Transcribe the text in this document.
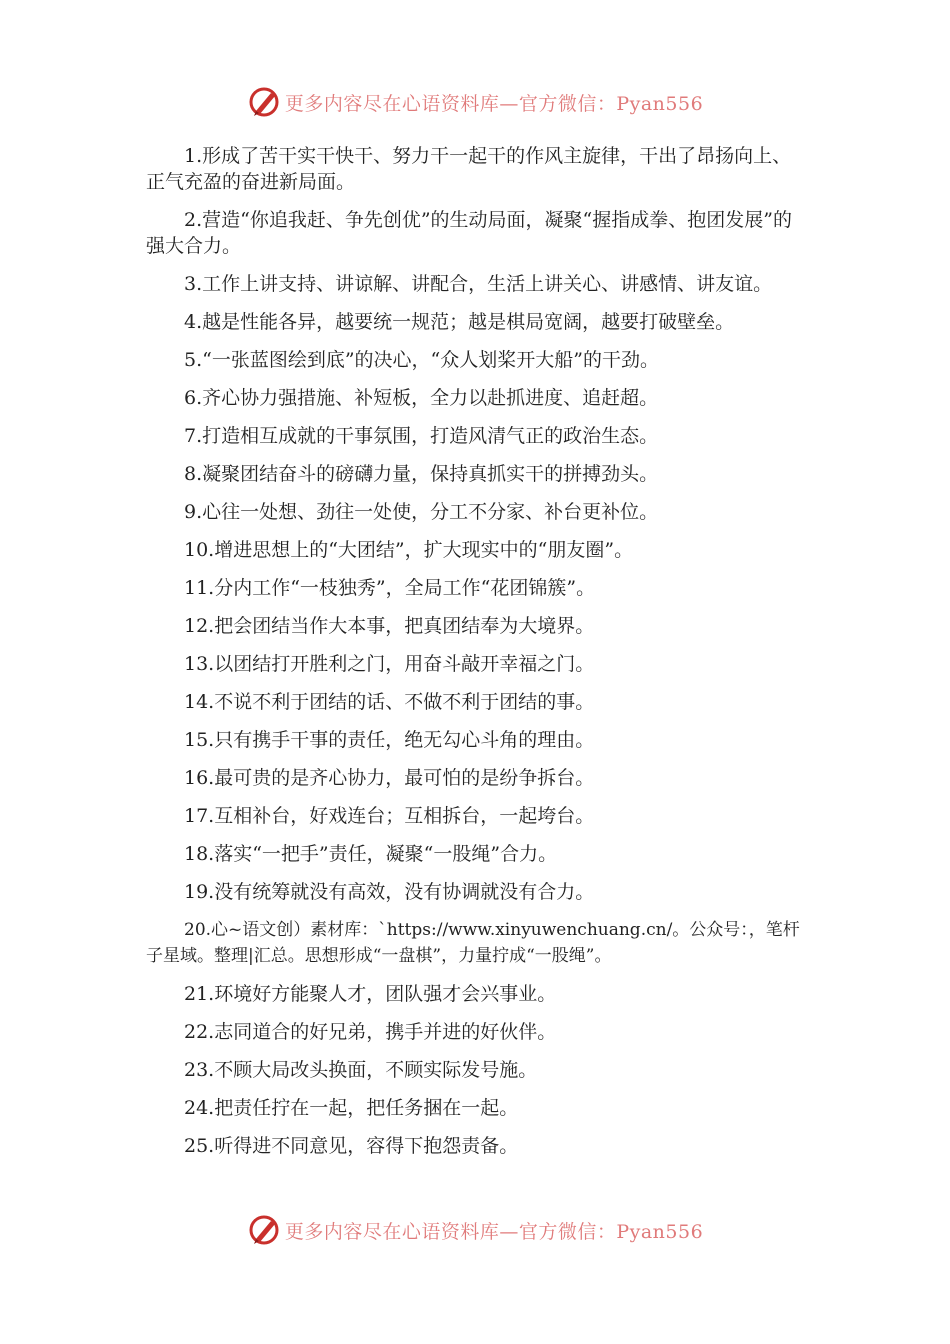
更多内容尽在心语资料库—官方微信：Pyan556

1.形成了苦干实干快干、努力干一起干的作风主旋律，干出了昂扬向上、正气充盈的奋进新局面。

2.营造“你追我赶、争先创优”的生动局面，凝聚“握指成拳、抱团发展”的强大合力。

3.工作上讲支持、讲谅解、讲配合，生活上讲关心、讲感情、讲友谊。

4.越是性能各异，越要统一规范；越是棋局宽阔，越要打破壁垒。

5.“一张蓝图绘到底”的决心，“众人划桨开大船”的干劲。

6.齐心协力强措施、补短板，全力以赴抓进度、追赶超。

7.打造相互成就的干事氛围，打造风清气正的政治生态。

8.凝聚团结奋斗的磅礴力量，保持真抓实干的拼搏劲头。

9.心往一处想、劲往一处使，分工不分家、补台更补位。

10.增进思想上的“大团结”，扩大现实中的“朋友圈”。

11.分内工作“一枝独秀”，全局工作“花团锦簇”。

12.把会团结当作大本事，把真团结奉为大境界。

13.以团结打开胜利之门，用奋斗敲开幸福之门。

14.不说不利于团结的话、不做不利于团结的事。

15.只有携手干事的责任，绝无勾心斗角的理由。

16.最可贵的是齐心协力，最可怕的是纷争拆台。

17.互相补台，好戏连台；互相拆台，一起垮台。

18.落实“一把手”责任，凝聚“一股绳”合力。

19.没有统筹就没有高效，没有协调就没有合力。

20.心~语文创）素材库：`https://www.xinyuwenchuang.cn/。公众号：，笔杆子星域。整理|汇总。思想形成“一盘棋”，力量拧成“一股绳”。

21.环境好方能聚人才，团队强才会兴事业。

22.志同道合的好兄弟，携手并进的好伙伴。

23.不顾大局改头换面，不顾实际发号施。

24.把责任拧在一起，把任务捆在一起。

25.听得进不同意见，容得下抱怨责备。

更多内容尽在心语资料库—官方微信：Pyan556
